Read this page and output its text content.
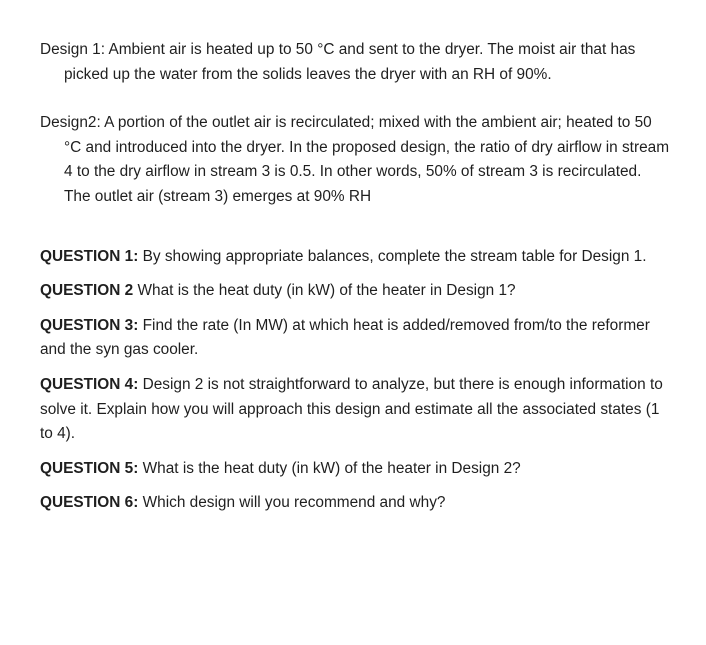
Design 1: Ambient air is heated up to 50 °C and sent to the dryer. The moist air that has picked up the water from the solids leaves the dryer with an RH of 90%.

Design2: A portion of the outlet air is recirculated; mixed with the ambient air; heated to 50 °C and introduced into the dryer. In the proposed design, the ratio of dry airflow in stream 4 to the dry airflow in stream 3 is 0.5. In other words, 50% of stream 3 is recirculated. The outlet air (stream 3) emerges at 90% RH

QUESTION 1: By showing appropriate balances, complete the stream table for Design 1.

QUESTION 2 What is the heat duty (in kW) of the heater in Design 1?

QUESTION 3: Find the rate (In MW) at which heat is added/removed from/to the reformer and the syn gas cooler.

QUESTION 4: Design 2 is not straightforward to analyze, but there is enough information to solve it. Explain how you will approach this design and estimate all the associated states (1 to 4).

QUESTION 5: What is the heat duty (in kW) of the heater in Design 2?

QUESTION 6: Which design will you recommend and why?
